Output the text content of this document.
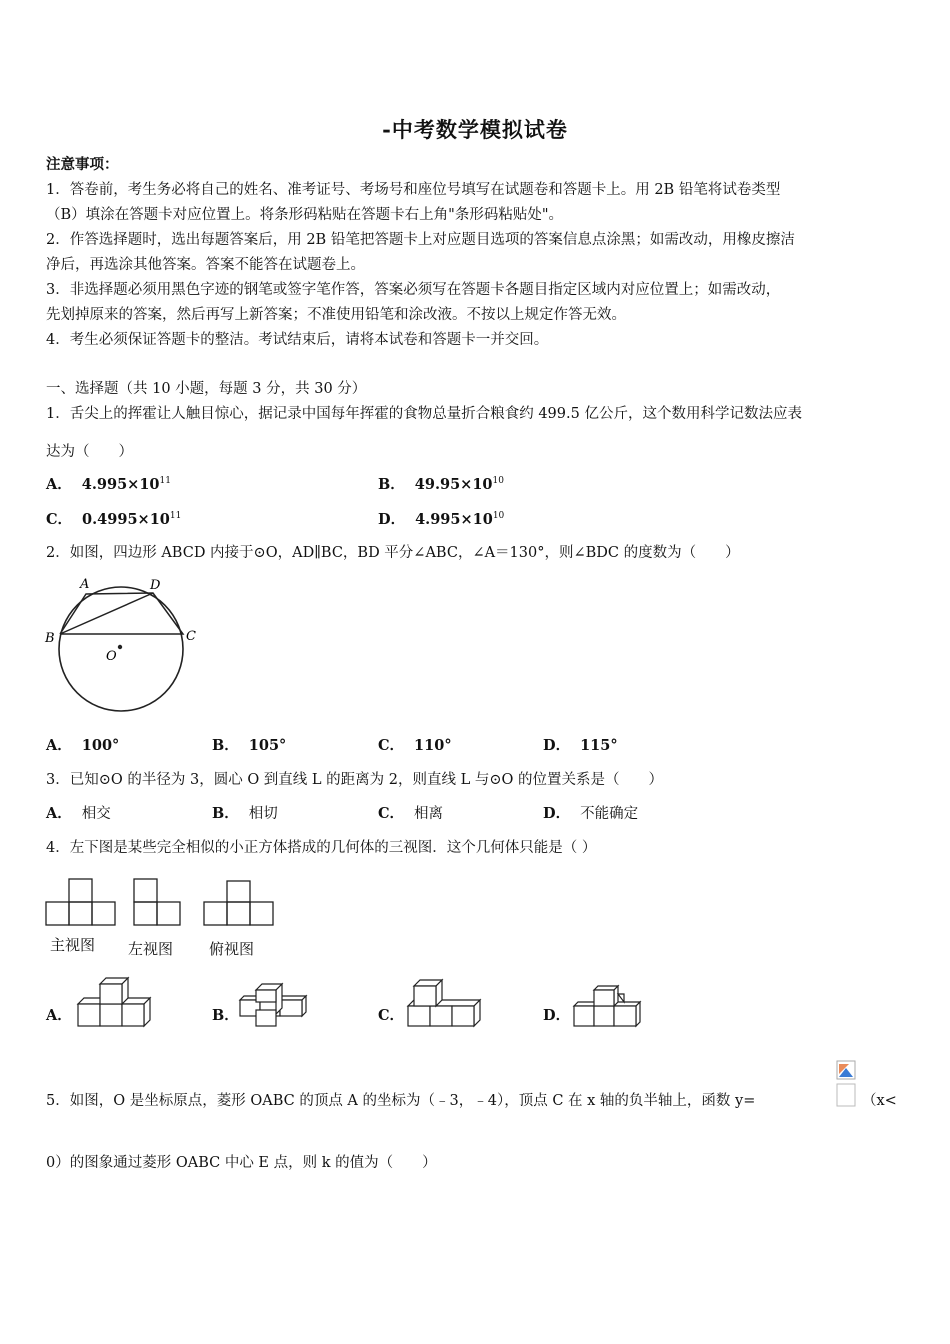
-中考数学模拟试卷
注意事项：
1．答卷前，考生务必将自己的姓名、准考证号、考场号和座位号填写在试题卷和答题卡上。用 2B 铅笔将试卷类型
（B）填涂在答题卡对应位置上。将条形码粘贴在答题卡右上角"条形码粘贴处"。
2．作答选择题时，选出每题答案后，用 2B 铅笔把答题卡上对应题目选项的答案信息点涂黑；如需改动，用橡皮擦洁
净后，再选涂其他答案。答案不能答在试题卷上。
3．非选择题必须用黑色字迹的钢笔或签字笔作答，答案必须写在答题卡各题目指定区域内对应位置上；如需改动，
先划掉原来的答案，然后再写上新答案；不准使用铅笔和涂改液。不按以上规定作答无效。
4．考生必须保证答题卡的整洁。考试结束后，请将本试卷和答题卡一并交回。
一、选择题（共 10 小题，每题 3 分，共 30 分）
1．舌尖上的挥霍让人触目惊心，据记录中国每年挥霍的食物总量折合粮食约 499.5 亿公斤，这个数用科学记数法应表
达为（　　）
A． $4.995\times 10^{11}$	B． $49.95\times 10^{10}$
C． $0.4995\times 10^{11}$	D． $4.995\times 10^{10}$
2．如图，四边形 ABCD 内接于⊙O，AD∥BC，BD 平分∠ABC，∠A＝130°，则∠BDC 的度数为（　　）
A	D
B	C
O
A． 100°	B． 105°	C． 110°	D． 115°
3．已知⊙O 的半径为 3，圆心 O 到直线 L 的距离为 2，则直线 L 与⊙O 的位置关系是（　　）
A． 相交	B． 相切	C． 相离	D． 不能确定
4．左下图是某些完全相似的小正方体搭成的几何体的三视图．这个几何体只能是（ ）
主视图 左视图 俯视图
A．	B．	C．	D．
5．如图，O 是坐标原点，菱形 OABC 的顶点 A 的坐标为（﹣3，﹣4），顶点 C 在 x 轴的负半轴上，函数 y=	（x<
0）的图象通过菱形 OABC 中心 E 点，则 k 的值为（　　）
